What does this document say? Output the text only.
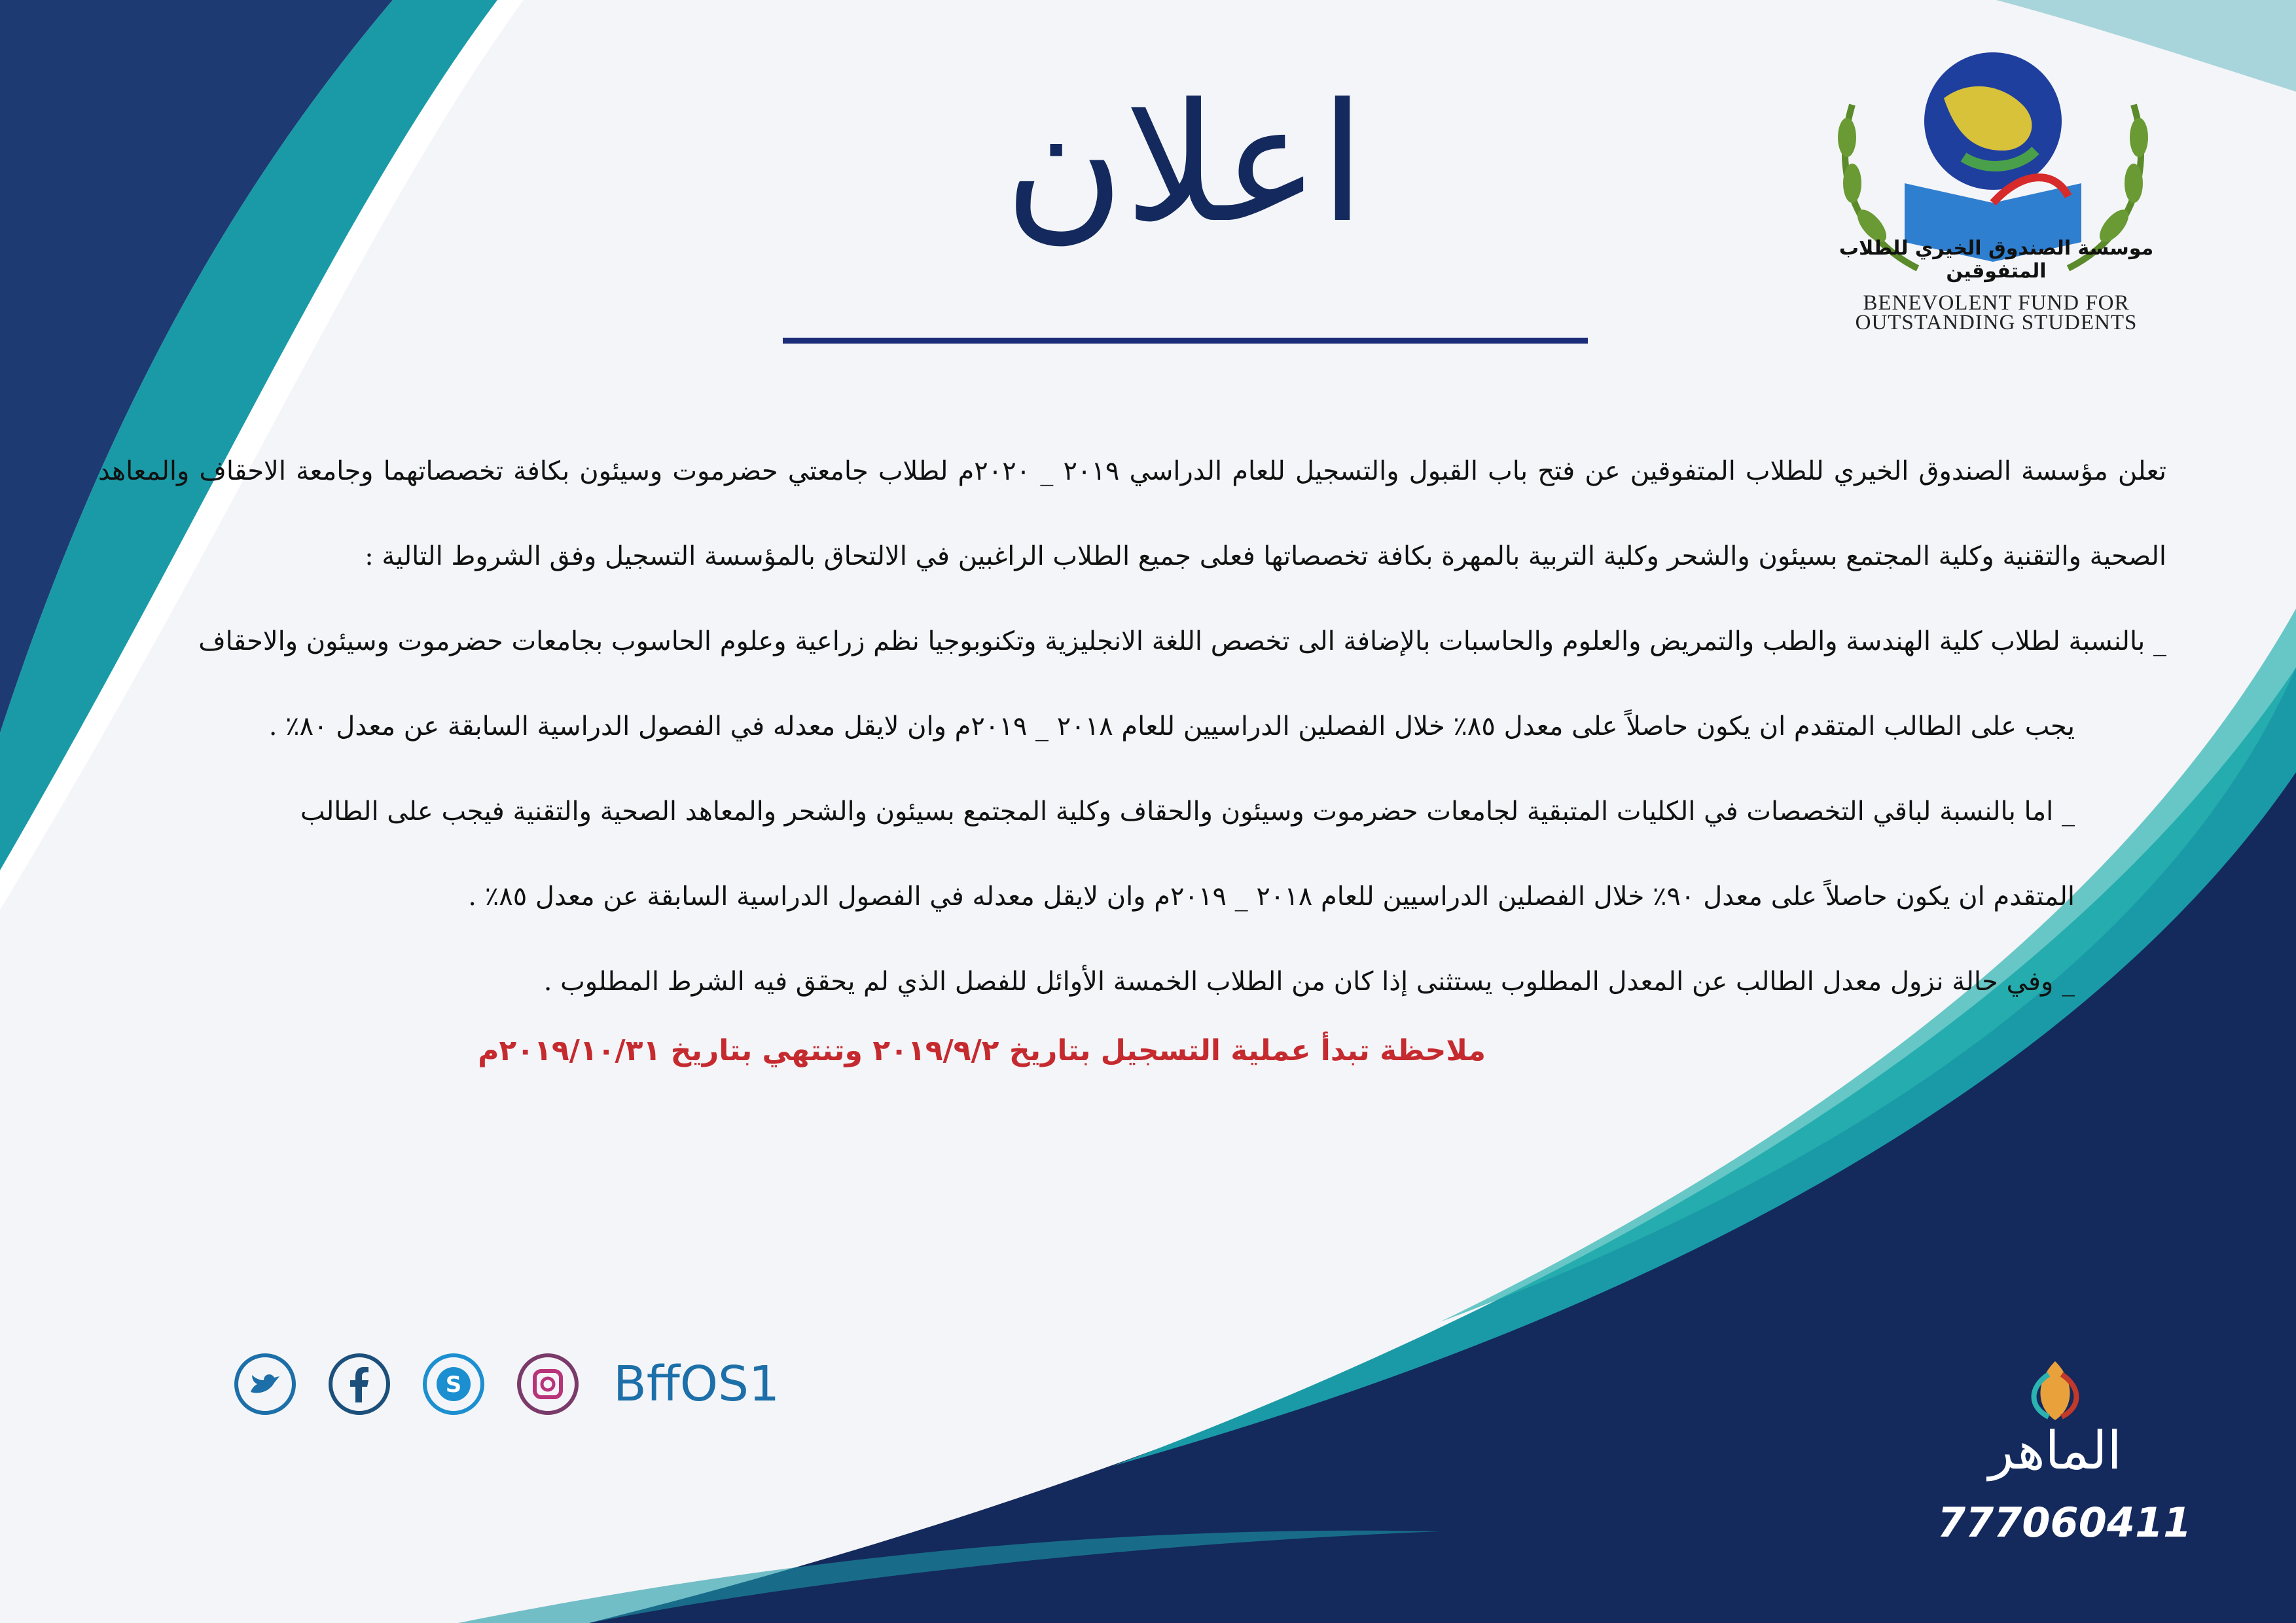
موسسة الصندوق الخيري للطلاب المتفوقين
BENEVOLENT FUND FOR
OUTSTANDING STUDENTS
اعلان

تعلن مؤسسة الصندوق الخيري للطلاب المتفوقين عن فتح باب القبول والتسجيل للعام الدراسي ٢٠١٩ _ ٢٠٢٠م لطلاب جامعتي حضرموت وسيئون بكافة تخصصاتهما وجامعة الاحقاف والمعاهد الصحية والتقنية وكلية المجتمع بسيئون والشحر وكلية التربية بالمهرة بكافة تخصصاتها فعلى جميع الطلاب الراغبين في الالتحاق بالمؤسسة التسجيل وفق الشروط التالية :

_ بالنسبة لطلاب كلية الهندسة والطب والتمريض والعلوم والحاسبات بالإضافة الى تخصص اللغة الانجليزية وتكنوبوجيا نظم زراعية وعلوم الحاسوب بجامعات حضرموت وسيئون والاحقاف

يجب على الطالب المتقدم ان يكون حاصلاً على معدل ٨٥٪ خلال الفصلين الدراسيين للعام ٢٠١٨ _ ٢٠١٩م وان لايقل معدله في الفصول الدراسية السابقة عن معدل ٨٠٪ .

_ اما بالنسبة لباقي التخصصات في الكليات المتبقية لجامعات حضرموت وسيئون والحقاف وكلية المجتمع بسيئون والشحر والمعاهد الصحية والتقنية فيجب على الطالب

المتقدم ان يكون حاصلاً على معدل ٩٠٪ خلال الفصلين الدراسيين للعام ٢٠١٨ _ ٢٠١٩م وان لايقل معدله في الفصول الدراسية السابقة عن معدل ٨٥٪ .

_ وفي حالة نزول معدل الطالب عن المعدل المطلوب يستثنى إذا كان من الطلاب الخمسة الأوائل للفصل الذي لم يحقق فيه الشرط المطلوب .

ملاحظة تبدأ عملية التسجيل بتاريخ ٢٠١٩/٩/٢ وتنتهي بتاريخ ٢٠١٩/١٠/٣١م
S	BffOS1
الماهر
777060411
